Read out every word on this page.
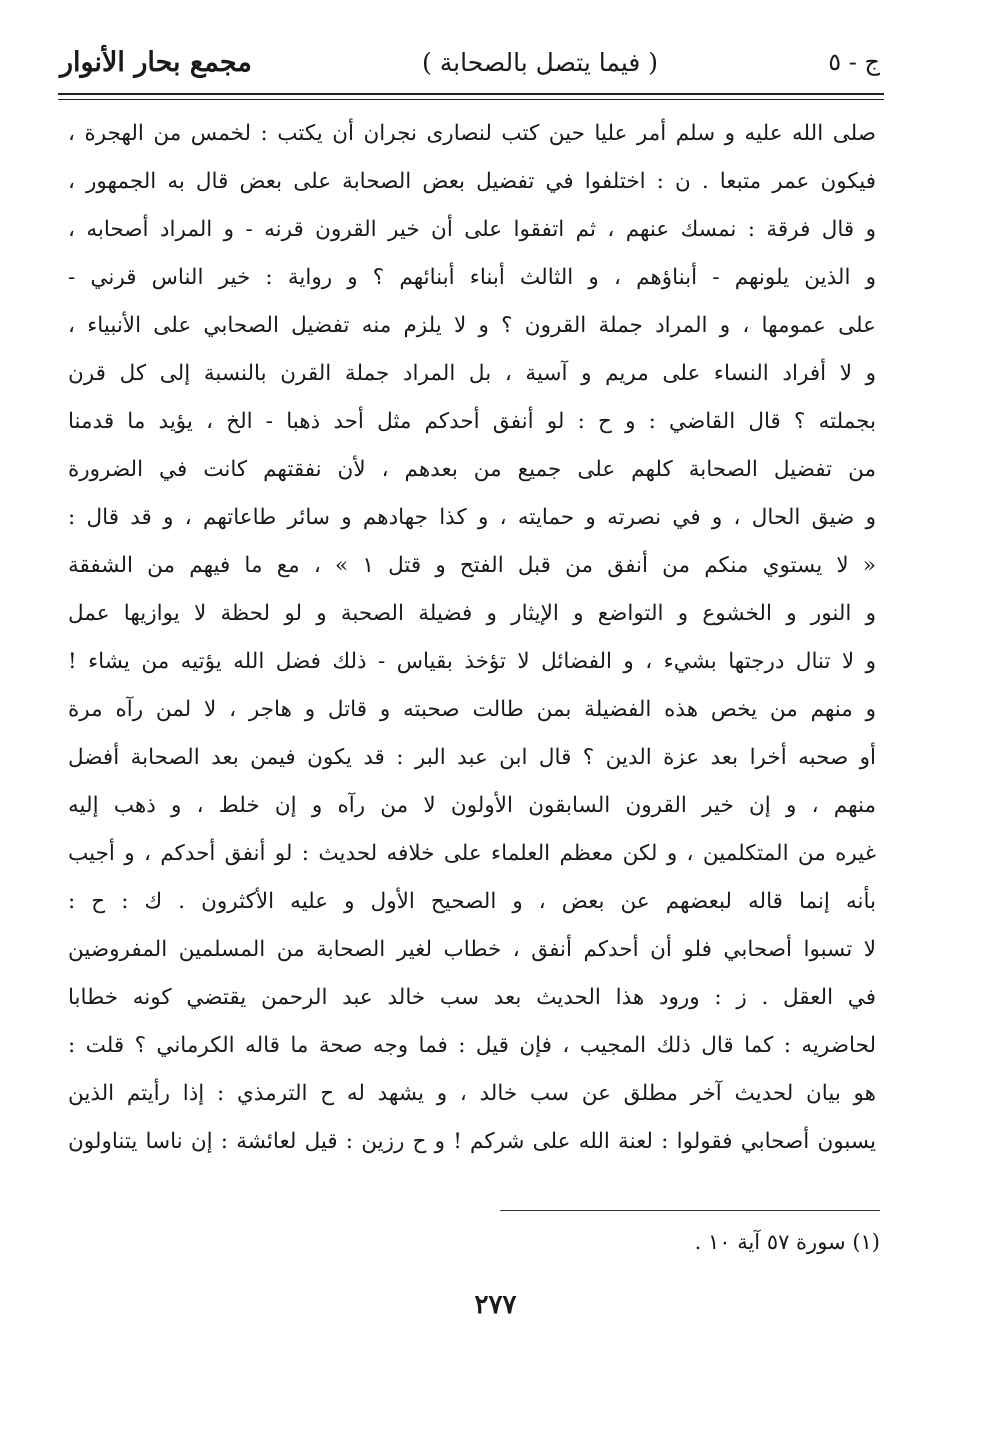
مجمع بحار الأنوار	( فيما يتصل بالصحابة )	ج - ٥
صلى الله عليه و سلم أمر عليا حين كتب لنصارى نجران أن يكتب : لخمس من الهجرة ،
فيكون عمر متبعا . ن : اختلفوا في تفضيل بعض الصحابة على بعض قال به الجمهور ،
و قال فرقة : نمسك عنهم ، ثم اتفقوا على أن خير القرون قرنه - و المراد أصحابه ،
و الذين يلونهم - أبناؤهم ، و الثالث أبناء أبنائهم ؟ و رواية : خير الناس قرني -
على عمومها ، و المراد جملة القرون ؟ و لا يلزم منه تفضيل الصحابي على الأنبياء ،
و لا أفراد النساء على مريم و آسية ، بل المراد جملة القرن بالنسبة إلى كل قرن
بجملته ؟ قال القاضي : و ح : لو أنفق أحدكم مثل أحد ذهبا - الخ ، يؤيد ما قدمنا
من تفضيل الصحابة كلهم على جميع من بعدهم ، لأن نفقتهم كانت في الضرورة
و ضيق الحال ، و في نصرته و حمايته ، و كذا جهادهم و سائر طاعاتهم ، و قد قال :
« لا يستوي منكم من أنفق من قبل الفتح و قتل ١ » ، مع ما فيهم من الشفقة
و النور و الخشوع و التواضع و الإيثار و فضيلة الصحبة و لو لحظة لا يوازيها عمل
و لا تنال درجتها بشيء ، و الفضائل لا تؤخذ بقياس - ذلك فضل الله يؤتيه من يشاء !
و منهم من يخص هذه الفضيلة بمن طالت صحبته و قاتل و هاجر ، لا لمن رآه مرة
أو صحبه أخرا بعد عزة الدين ؟ قال ابن عبد البر : قد يكون فيمن بعد الصحابة أفضل
منهم ، و إن خير القرون السابقون الأولون لا من رآه و إن خلط ، و ذهب إليه
غيره من المتكلمين ، و لكن معظم العلماء على خلافه لحديث : لو أنفق أحدكم ، و أجيب
بأنه إنما قاله لبعضهم عن بعض ، و الصحيح الأول و عليه الأكثرون . ك : ح :
لا تسبوا أصحابي فلو أن أحدكم أنفق ، خطاب لغير الصحابة من المسلمين المفروضين
في العقل . ز : ورود هذا الحديث بعد سب خالد عبد الرحمن يقتضي كونه خطابا
لحاضريه : كما قال ذلك المجيب ، فإن قيل : فما وجه صحة ما قاله الكرماني ؟ قلت :
هو بيان لحديث آخر مطلق عن سب خالد ، و يشهد له ح الترمذي : إذا رأيتم الذين
يسبون أصحابي فقولوا : لعنة الله على شركم ! و ح رزين : قيل لعائشة : إن ناسا يتناولون
(١) سورة ٥٧ آية ١٠ .
٢٧٧
